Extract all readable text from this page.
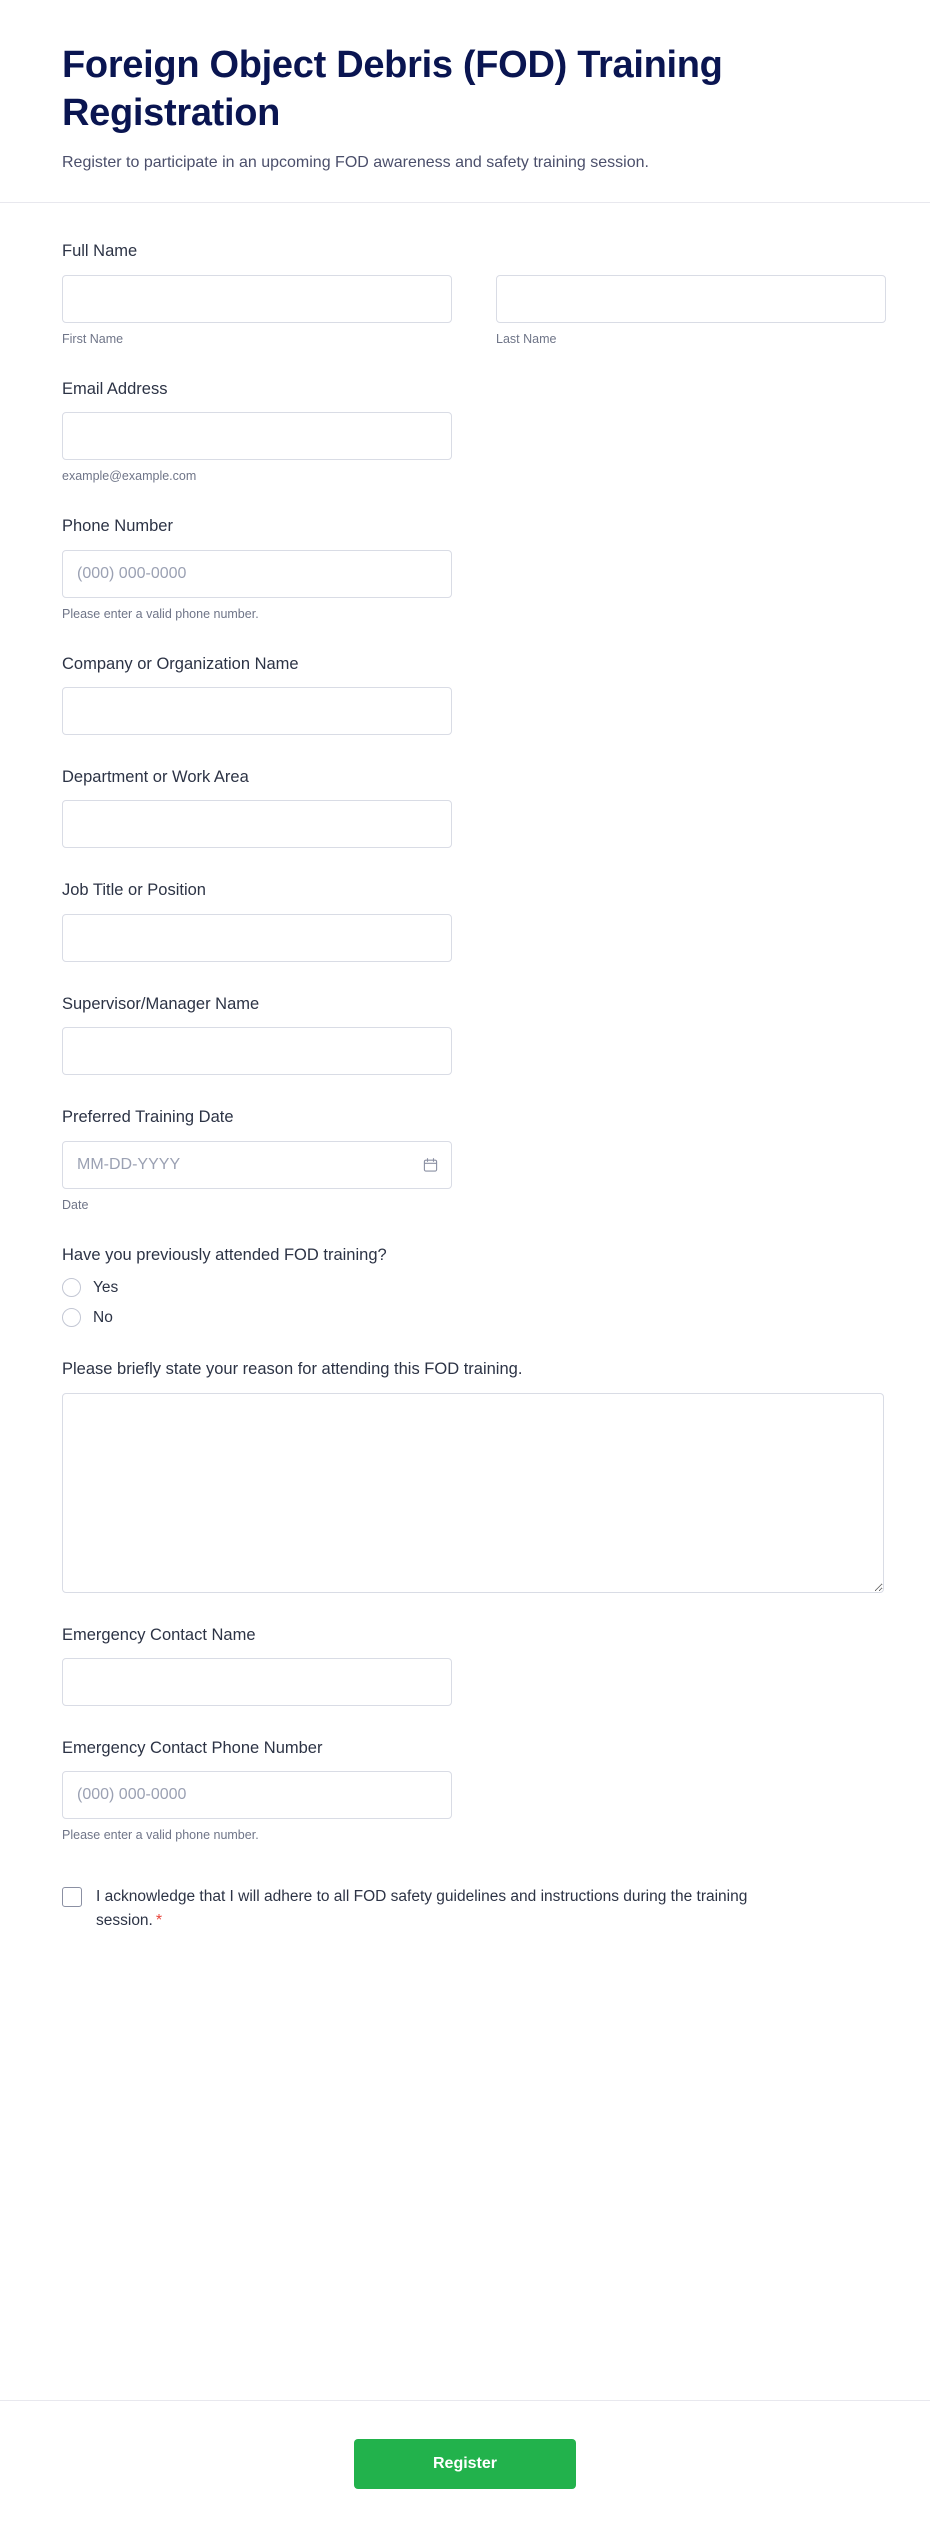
Foreign Object Debris (FOD) Training Registration

Register to participate in an upcoming FOD awareness and safety training session.

Full Name
First Name	Last Name
Email Address
example@example.com
Phone Number
(000) 000-0000
Please enter a valid phone number.
Company or Organization Name
Department or Work Area
Job Title or Position
Supervisor/Manager Name
Preferred Training Date
MM-DD-YYYY
Date
Have you previously attended FOD training?
Yes
No
Please briefly state your reason for attending this FOD training.
Emergency Contact Name
Emergency Contact Phone Number
(000) 000-0000
Please enter a valid phone number.
I acknowledge that I will adhere to all FOD safety guidelines and instructions during the training session. *
Register
